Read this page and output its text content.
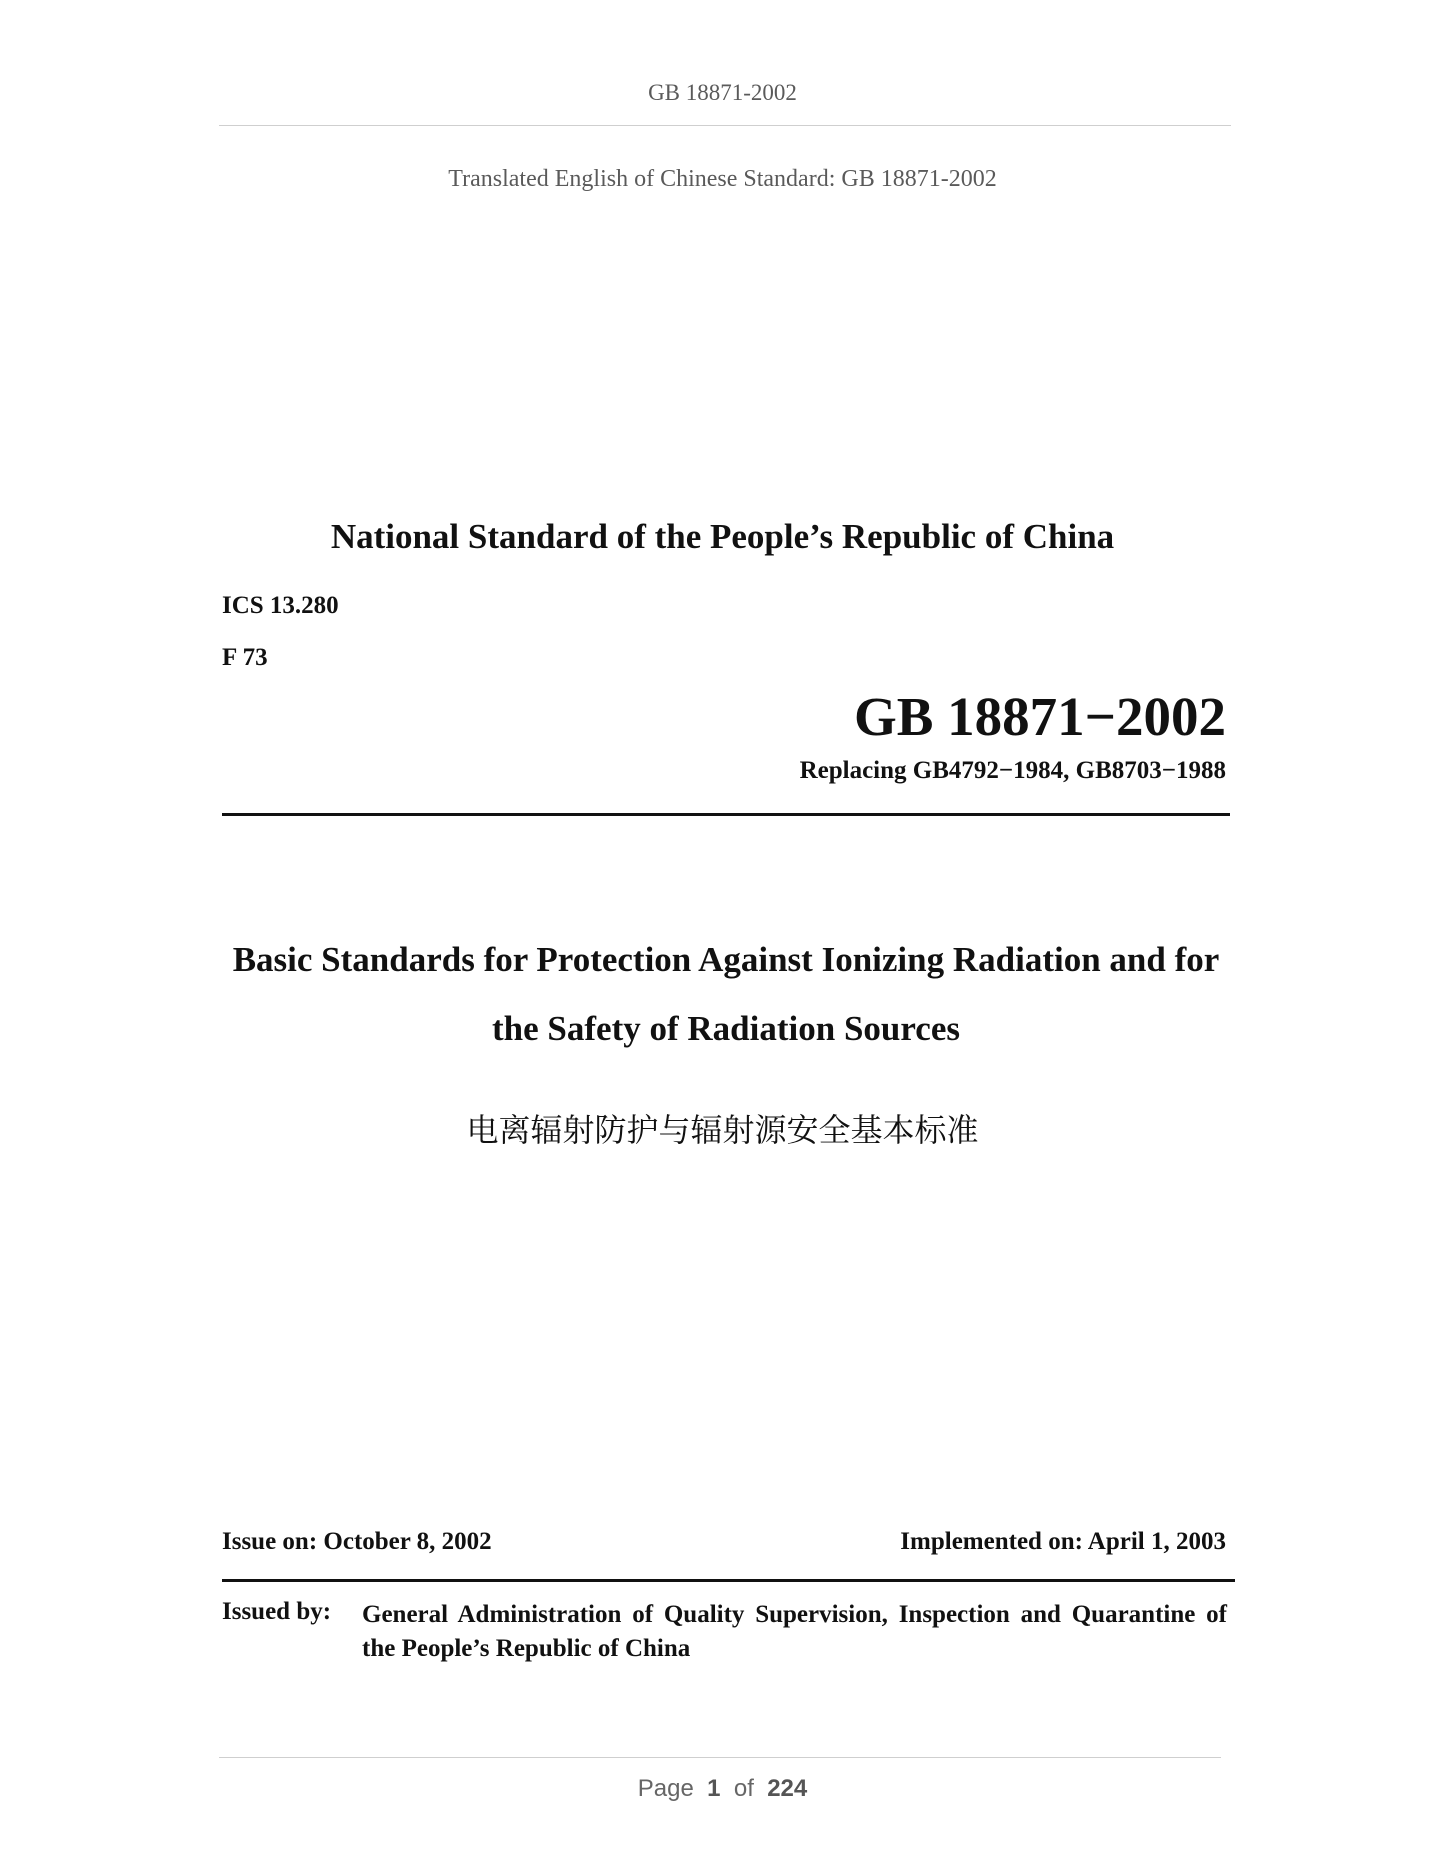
GB 18871-2002
Translated English of Chinese Standard: GB 18871-2002
National Standard of the People’s Republic of China
ICS 13.280
F 73
GB 18871−2002
Replacing GB4792−1984, GB8703−1988
Basic Standards for Protection Against Ionizing Radiation and for
the Safety of Radiation Sources
电离辐射防护与辐射源安全基本标准
Issue on: October 8, 2002	Implemented on: April 1, 2003
Issued by: General Administration of Quality Supervision, Inspection and Quarantine of the People’s Republic of China
Page 1 of 224
